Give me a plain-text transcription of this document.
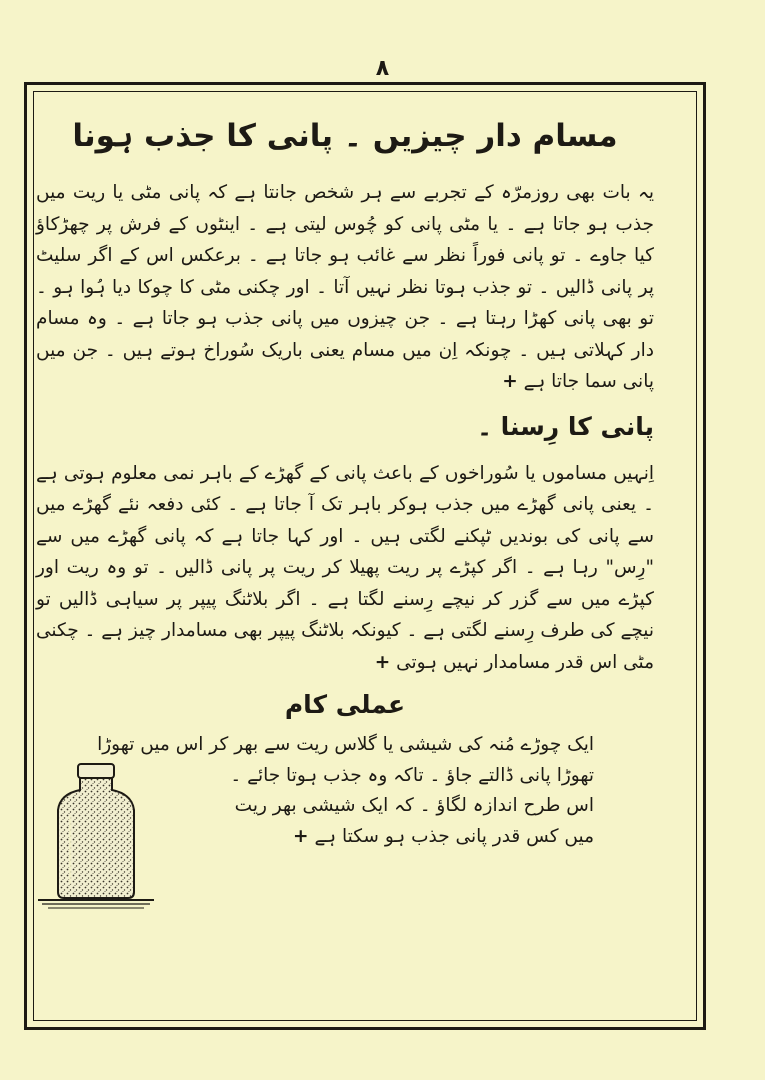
۸
مسام دار چیزیں ۔ پانی کا جذب ہونا

یہ بات بھی روزمرّہ کے تجربے سے ہر شخص جانتا ہے کہ پانی مٹی یا ریت میں جذب ہو جاتا ہے ۔ یا مٹی پانی کو چُوس لیتی ہے ۔ اینٹوں کے فرش پر چھڑکاؤ کیا جاوے ۔ تو پانی فوراً نظر سے غائب ہو جاتا ہے ۔ برعکس اس کے اگر سلیٹ پر پانی ڈالیں ۔ تو جذب ہوتا نظر نہیں آتا ۔ اور چکنی مٹی کا چوکا دیا ہُوا ہو ۔ تو بھی پانی کھڑا رہتا ہے ۔ جن چیزوں میں پانی جذب ہو جاتا ہے ۔ وہ مسام دار کہلاتی ہیں ۔ چونکہ اِن میں مسام یعنی باریک سُوراخ ہوتے ہیں ۔ جن میں پانی سما جاتا ہے +

پانی کا رِسنا ۔

اِنہیں مساموں یا سُوراخوں کے باعث پانی کے گھڑے کے باہر نمی معلوم ہوتی ہے ۔ یعنی پانی گھڑے میں جذب ہوکر باہر تک آ جاتا ہے ۔ کئی دفعہ نئے گھڑے میں سے پانی کی بوندیں ٹپکنے لگتی ہیں ۔ اور کہا جاتا ہے کہ پانی گھڑے میں سے "رِس" رہا ہے ۔ اگر کپڑے پر ریت پھیلا کر ریت پر پانی ڈالیں ۔ تو وہ ریت اور کپڑے میں سے گزر کر نیچے رِسنے لگتا ہے ۔ اگر بلاٹنگ پیپر پر سیاہی ڈالیں تو نیچے کی طرف رِسنے لگتی ہے ۔ کیونکہ بلاٹنگ پیپر بھی مسامدار چیز ہے ۔ چکنی مٹی اس قدر مسامدار نہیں ہوتی +

عملی کام
ایک چوڑے مُنہ کی شیشی یا گلاس ریت سے بھر کر اس میں تھوڑا
تھوڑا پانی ڈالتے جاؤ ۔ تاکہ وہ جذب ہوتا جائے ۔
اس طرح اندازہ لگاؤ ۔ کہ ایک شیشی بھر ریت
میں کس قدر پانی جذب ہو سکتا ہے +
